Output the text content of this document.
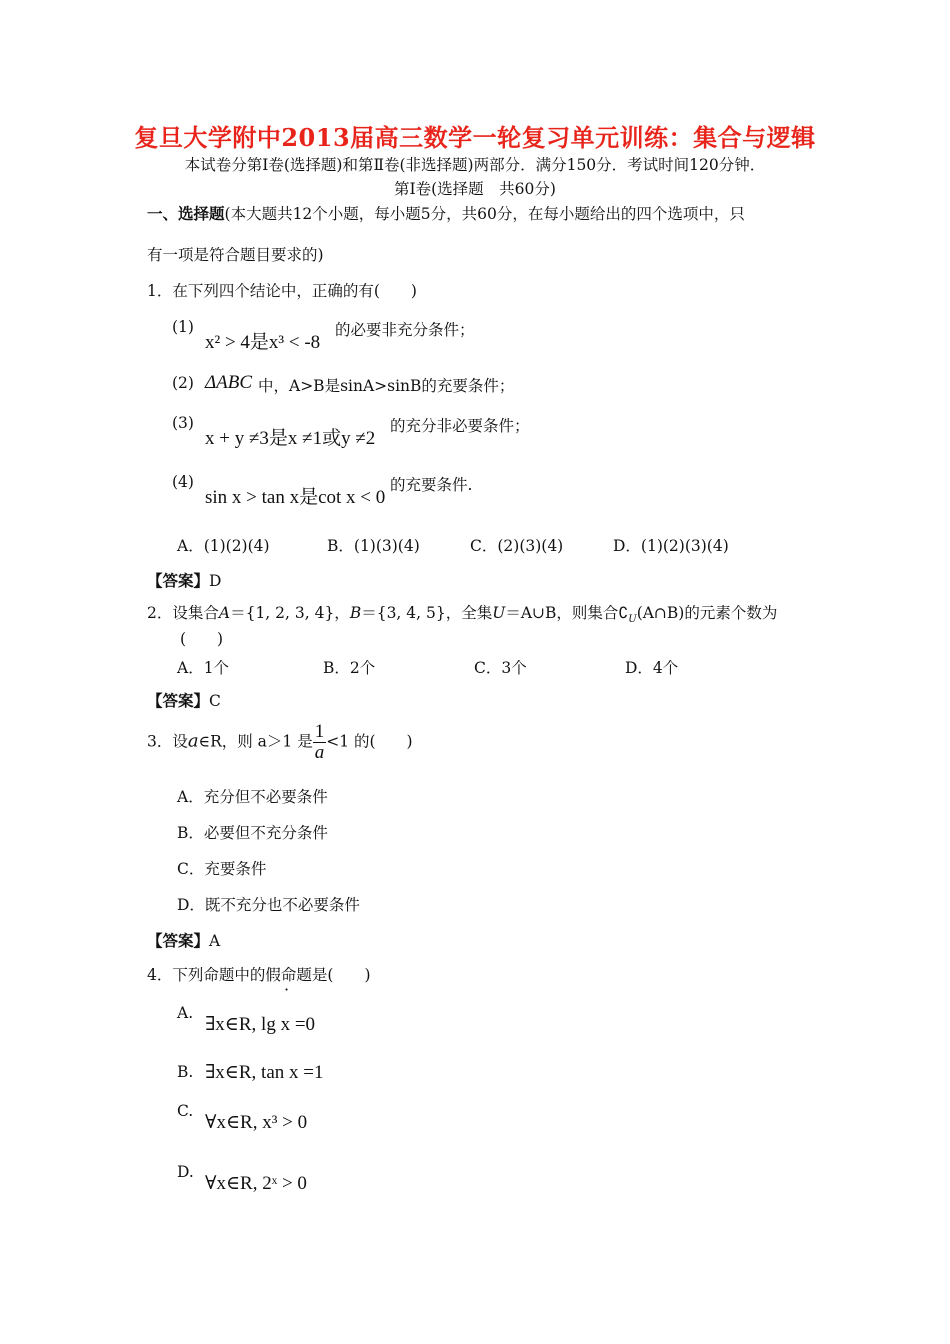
复旦大学附中2013届高三数学一轮复习单元训练：集合与逻辑
本试卷分第Ⅰ卷(选择题)和第Ⅱ卷(非选择题)两部分．满分150分．考试时间120分钟．
第Ⅰ卷(选择题　共60分)
一、选择题(本大题共12个小题，每小题5分，共60分，在每小题给出的四个选项中，只
有一项是符合题目要求的)
1．在下列四个结论中，正确的有(　　)
(1)
x² > 4是x³ < -8
的必要非充分条件；
(2) ΔABC 中，A>B是sinA>sinB的充要条件；
(3)
x + y ≠3是x ≠1或y ≠2
的充分非必要条件；
(4)
sin x > tan x是cot x < 0
的充要条件.
A．(1)(2)(4)	B．(1)(3)(4)	C．(2)(3)(4)	D．(1)(2)(3)(4)
【答案】D
2．设集合A＝{1, 2, 3, 4}，B＝{3, 4, 5}，全集U＝A∪B，则集合$∁_U(A\cap B)$的元素个数为
(　　)
A．1个	B．2个	C．3个	D．4个
【答案】C
3．设a∈R，则 a＞1 是 $\frac{1}{a} <1$ 的(　　)
A．充分但不必要条件
B．必要但不充分条件
C．充要条件
D．既不充分也不必要条件
【答案】A
4．下列命题中的假命题是(　　)
A.
∃x∈R, lg x =0
B. ∃x∈R, tan x =1
C.
∀x∈R, x³ > 0
D.
∀x∈R, 2ˣ > 0
